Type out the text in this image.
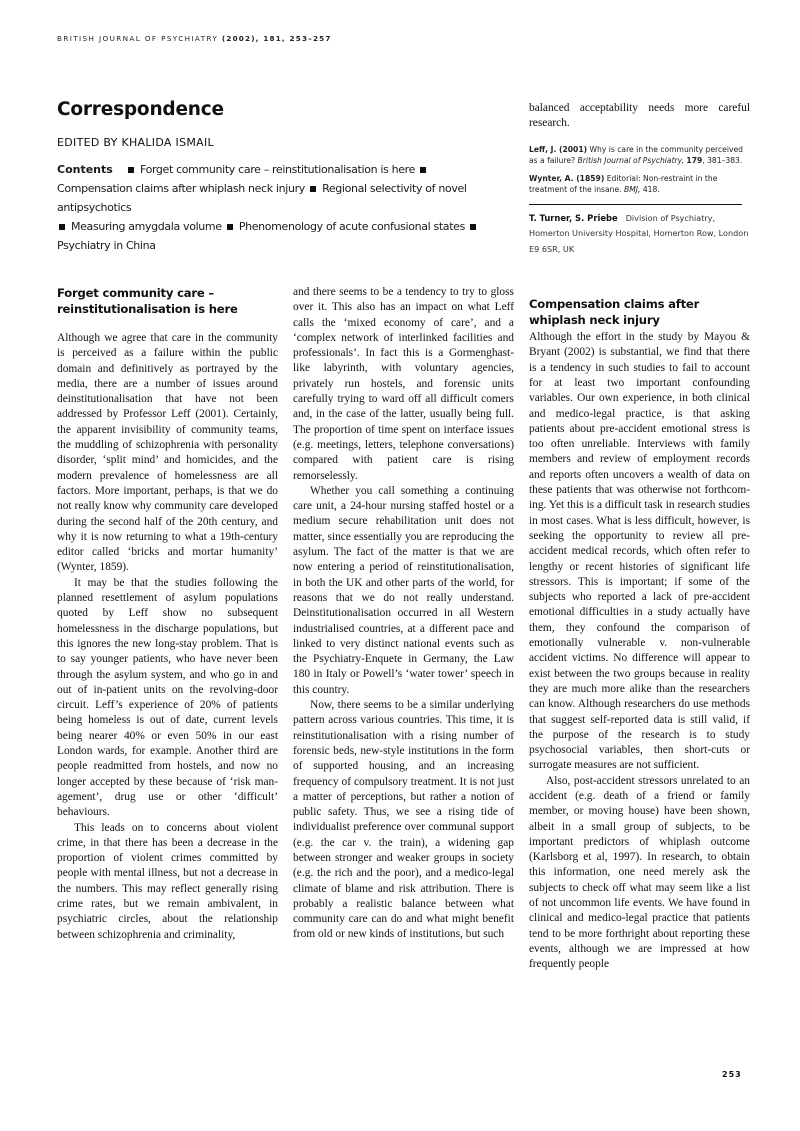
BRITISH JOURNAL OF PSYCHIATRY (2002), 181, 253–257
Correspondence
EDITED BY KHALIDA ISMAIL
Contents Forget community care – reinstitutionalisation is here Compensation claims after whiplash neck injury Regional selectivity of novel antipsychotics
Measuring amygdala volume Phenomenology of acute confusional states
Psychiatry in China
Forget community care – reinstitutionalisation is here

Although we agree that care in the community is perceived as a failure within the public domain and definitively as portrayed by the media, there are a number of issues around deinstitutionalisation that have not been addressed by Professor Leff (2001). Certainly, the apparent invisibility of community teams, the muddling of schizophrenia with personality disorder, ‘split mind’ and homicides, and the modern prevalence of homelessness are all factors. More important, perhaps, is that we do not really know why community care developed during the second half of the 20th century, and why it is now returning to what a 19th-century editor called ‘bricks and mortar humanity’ (Wynter, 1859).

It may be that the studies following the planned resettlement of asylum populations quoted by Leff show no subsequent homelessness in the discharge populations, but this ignores the new long-stay problem. That is to say younger patients, who have never been through the asylum system, and who go in and out of in-patient units on the revolving-door circuit. Leff’s experience of 20% of patients being homeless is out of date, current levels being nearer 40% or even 50% in our east London wards, for example. Another third are people readmitted from hostels, and now no longer accepted by these because of ‘risk management’, drug use or other ‘difficult’ behaviours.

This leads on to concerns about violent crime, in that there has been a decrease in the proportion of violent crimes committed by people with mental illness, but not a decrease in the numbers. This may reflect generally rising crime rates, but we remain ambivalent, in psychiatric circles, about the relationship between schizophrenia and criminality,

and there seems to be a tendency to try to gloss over it. This also has an impact on what Leff calls the ‘mixed economy of care’, and a ‘complex network of interlinked facilities and professionals’. In fact this is a Gormenghast-like labyrinth, with voluntary agencies, privately run hostels, and forensic units carefully trying to ward off all difficult comers and, in the case of the latter, usually being full. The proportion of time spent on interface issues (e.g. meetings, letters, telephone conversations) compared with patient care is rising remorselessly.

Whether you call something a continuing care unit, a 24-hour nursing staffed hostel or a medium secure rehabilitation unit does not matter, since essentially you are reproducing the asylum. The fact of the matter is that we are now entering a period of reinstitutionalisation, in both the UK and other parts of the world, for reasons that we do not really understand. Deinstitutionalisation occurred in all Western industrialised countries, at a different pace and linked to very distinct national events such as the Psychiatry-Enquete in Germany, the Law 180 in Italy or Powell’s ‘water tower’ speech in this country.

Now, there seems to be a similar underlying pattern across various countries. This time, it is reinstitutionalisation with a rising number of forensic beds, new-style institutions in the form of supported housing, and an increasing frequency of compulsory treatment. It is not just a matter of perceptions, but rather a notion of public safety. Thus, we see a rising tide of individualist preference over communal support (e.g. the car v. the train), a widening gap between stronger and weaker groups in society (e.g. the rich and the poor), and a medico-legal climate of blame and risk attribution. There is probably a realistic balance between what community care can do and what might benefit from old or new kinds of institutions, but such

balanced acceptability needs more careful research.

Leff, J. (2001) Why is care in the community perceived as a failure? British Journal of Psychiatry, 179, 381–383.

Wynter, A. (1859) Editorial: Non-restraint in the treatment of the insane. BMJ, 418.

T. Turner, S. Priebe Division of Psychiatry, Homerton University Hospital, Homerton Row, London E9 6SR, UK
Compensation claims after whiplash neck injury

Although the effort in the study by Mayou & Bryant (2002) is substantial, we find that there is a tendency in such studies to fail to account for at least two important confounding variables. Our own experience, in both clinical and medico-legal practice, is that asking patients about pre-accident emotional stress is too often unreliable. Interviews with family members and review of employment records and reports often uncovers a wealth of data on these patients that was otherwise not forthcoming. Yet this is a difficult task in research studies in most cases. What is less difficult, however, is seeking the opportunity to review all pre-accident medical records, which often refer to lengthy or recent histories of significant life stressors. This is important; if some of the subjects who reported a lack of pre-accident emotional difficulties in a study actually have them, they confound the comparison of emotionally vulnerable v. non-vulnerable accident victims. No difference will appear to exist between the two groups because in reality they are much more alike than the researchers can know. Although researchers do use methods that suggest self-reported data is still valid, if the purpose of the research is to study psychosocial variables, then short-cuts or surrogate measures are not sufficient.

Also, post-accident stressors unrelated to an accident (e.g. death of a friend or family member, or moving house) have been shown, albeit in a small group of subjects, to be important predictors of whiplash outcome (Karlsborg et al, 1997). In research, to obtain this information, one need merely ask the subjects to check off what may seem like a list of not uncommon life events. We have found in clinical and medico-legal practice that patients tend to be more forthright about reporting these events, although we are impressed at how frequently people

253
